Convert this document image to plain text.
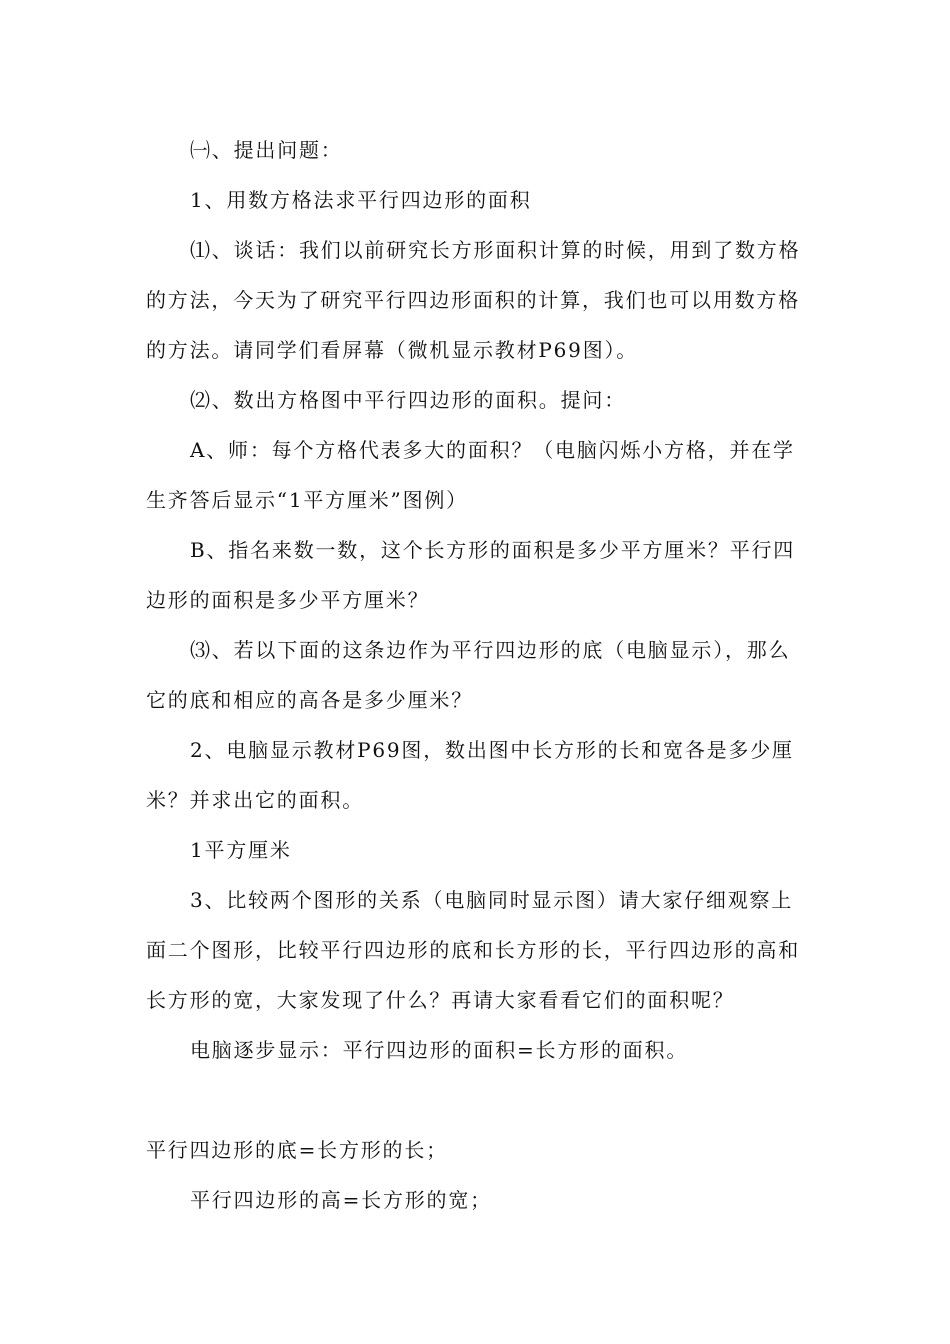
㈠、提出问题：

1、用数方格法求平行四边形的面积

⑴、谈话：我们以前研究长方形面积计算的时候，用到了数方格的方法，今天为了研究平行四边形面积的计算，我们也可以用数方格的方法。请同学们看屏幕（微机显示教材P69图）。

⑵、数出方格图中平行四边形的面积。提问：

A、师：每个方格代表多大的面积？（电脑闪烁小方格，并在学生齐答后显示“1平方厘米”图例）

B、指名来数一数，这个长方形的面积是多少平方厘米？平行四边形的面积是多少平方厘米？

⑶、若以下面的这条边作为平行四边形的底（电脑显示），那么它的底和相应的高各是多少厘米？

2、电脑显示教材P69图，数出图中长方形的长和宽各是多少厘米？并求出它的面积。

1平方厘米

3、比较两个图形的关系（电脑同时显示图）请大家仔细观察上面二个图形，比较平行四边形的底和长方形的长，平行四边形的高和长方形的宽，大家发现了什么？再请大家看看它们的面积呢？

电脑逐步显示：平行四边形的面积=长方形的面积。

平行四边形的底=长方形的长；

平行四边形的高=长方形的宽；
